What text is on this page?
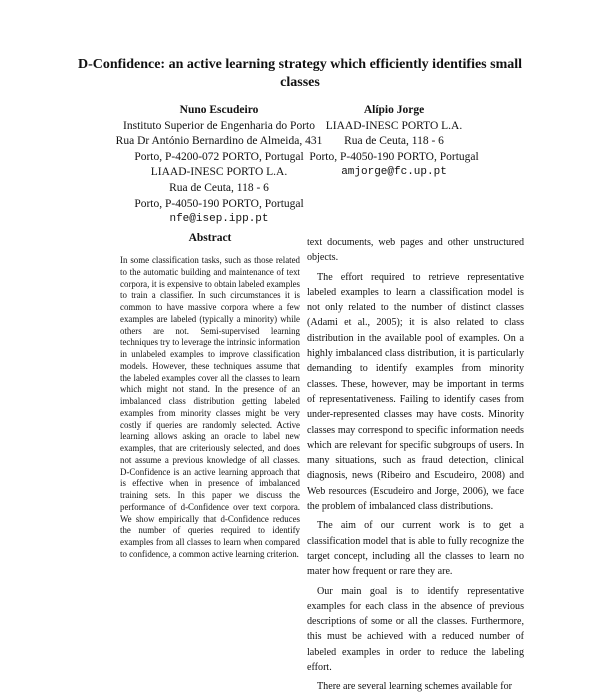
D-Confidence: an active learning strategy which efficiently identifies small classes
Nuno Escudeiro
Instituto Superior de Engenharia do Porto
Rua Dr António Bernardino de Almeida, 431
Porto, P-4200-072 PORTO, Portugal
LIAAD-INESC PORTO L.A.
Rua de Ceuta, 118 - 6
Porto, P-4050-190 PORTO, Portugal
nfe@isep.ipp.pt
Alípio Jorge
LIAAD-INESC PORTO L.A.
Rua de Ceuta, 118 - 6
Porto, P-4050-190 PORTO, Portugal
amjorge@fc.up.pt
Abstract
In some classification tasks, such as those related to the automatic building and maintenance of text corpora, it is expensive to obtain labeled examples to train a classifier. In such circumstances it is common to have massive corpora where a few examples are labeled (typically a minority) while others are not. Semi-supervised learning techniques try to leverage the intrinsic information in unlabeled examples to improve classification models. However, these techniques assume that the labeled examples cover all the classes to learn which might not stand. In the presence of an imbalanced class distribution getting labeled examples from minority classes might be very costly if queries are randomly selected. Active learning allows asking an oracle to label new examples, that are criteriously selected, and does not assume a previous knowledge of all classes. D-Confidence is an active learning approach that is effective when in presence of imbalanced training sets. In this paper we discuss the performance of d-Confidence over text corpora. We show empirically that d-Confidence reduces the number of queries required to identify examples from all classes to learn when compared to confidence, a common active learning criterion.

text documents, web pages and other unstructured objects.

The effort required to retrieve representative labeled examples to learn a classification model is not only related to the number of distinct classes (Adami et al., 2005); it is also related to class distribution in the available pool of examples. On a highly imbalanced class distribution, it is particularly demanding to identify examples from minority classes. These, however, may be important in terms of representativeness. Failing to identify cases from under-represented classes may have costs. Minority classes may correspond to specific information needs which are relevant for specific subgroups of users. In many situations, such as fraud detection, clinical diagnosis, news (Ribeiro and Escudeiro, 2008) and Web resources (Escudeiro and Jorge, 2006), we face the problem of imbalanced class distributions.

The aim of our current work is to get a classification model that is able to fully recognize the target concept, including all the classes to learn no mater how frequent or rare they are.

Our main goal is to identify representative examples for each class in the absence of previous descriptions of some or all the classes. Furthermore, this must be achieved with a reduced number of labeled examples in order to reduce the labeling effort.

There are several learning schemes available for
